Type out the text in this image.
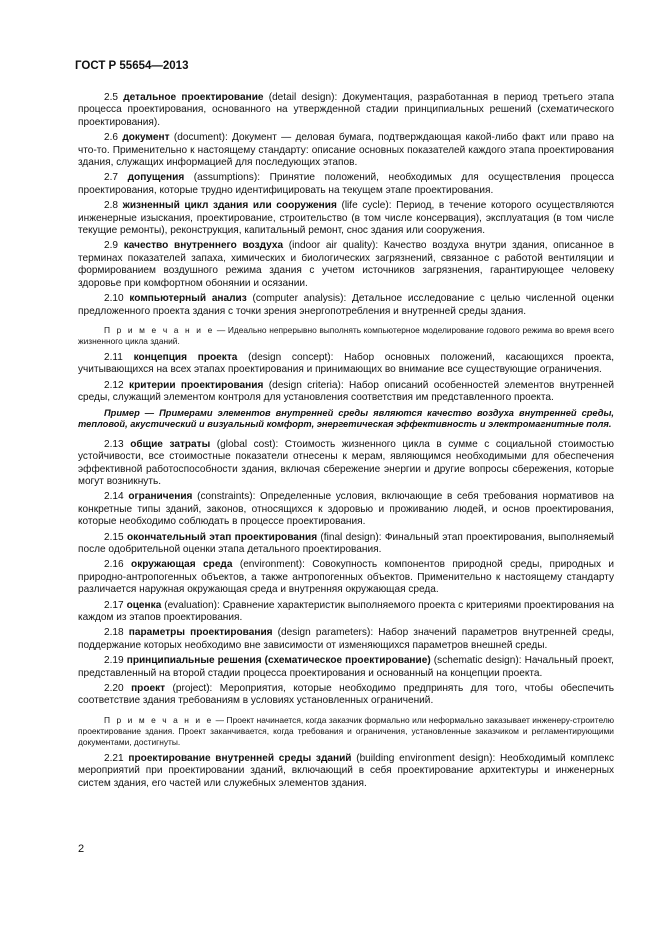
ГОСТ Р 55654—2013

2.5 детальное проектирование (detail design): Документация, разработанная в период третьего этапа процесса проектирования, основанного на утвержденной стадии принципиальных решений (схематического проектирования).

2.6 документ (document): Документ — деловая бумага, подтверждающая какой-либо факт или право на что-то. Применительно к настоящему стандарту: описание основных показателей каждого этапа проектирования здания, служащих информацией для последующих этапов.

2.7 допущения (assumptions): Принятие положений, необходимых для осуществления процесса проектирования, которые трудно идентифицировать на текущем этапе проектирования.

2.8 жизненный цикл здания или сооружения (life cycle): Период, в течение которого осуществляются инженерные изыскания, проектирование, строительство (в том числе консервация), эксплуатация (в том числе текущие ремонты), реконструкция, капитальный ремонт, снос здания или сооружения.

2.9 качество внутреннего воздуха (indoor air quality): Качество воздуха внутри здания, описанное в терминах показателей запаха, химических и биологических загрязнений, связанное с работой вентиляции и формированием воздушного режима здания с учетом источников загрязнения, гарантирующее человеку здоровье при комфортном обонянии и осязании.

2.10 компьютерный анализ (computer analysis): Детальное исследование с целью численной оценки предложенного проекта здания с точки зрения энергопотребления и внутренней среды здания.

П р и м е ч а н и е — Идеально непрерывно выполнять компьютерное моделирование годового режима во время всего жизненного цикла зданий.

2.11 концепция проекта (design concept): Набор основных положений, касающихся проекта, учитывающихся на всех этапах проектирования и принимающих во внимание все существующие ограничения.

2.12 критерии проектирования (design criteria): Набор описаний особенностей элементов внутренней среды, служащий элементом контроля для установления соответствия им представленного проекта.

Пример — Примерами элементов внутренней среды являются качество воздуха внутренней среды, тепловой, акустический и визуальный комфорт, энергетическая эффективность и электромагнитные поля.

2.13 общие затраты (global cost): Стоимость жизненного цикла в сумме с социальной стоимостью устойчивости, все стоимостные показатели отнесены к мерам, являющимся необходимыми для обеспечения эффективной работоспособности здания, включая сбережение энергии и другие вопросы сбережения, которые могут возникнуть.

2.14 ограничения (constraints): Определенные условия, включающие в себя требования нормативов на конкретные типы зданий, законов, относящихся к здоровью и проживанию людей, и основ проектирования, которые необходимо соблюдать в процессе проектирования.

2.15 окончательный этап проектирования (final design): Финальный этап проектирования, выполняемый после одобрительной оценки этапа детального проектирования.

2.16 окружающая среда (environment): Совокупность компонентов природной среды, природных и природно-антропогенных объектов, а также антропогенных объектов. Применительно к настоящему стандарту различается наружная окружающая среда и внутренняя окружающая среда.

2.17 оценка (evaluation): Сравнение характеристик выполняемого проекта с критериями проектирования на каждом из этапов проектирования.

2.18 параметры проектирования (design parameters): Набор значений параметров внутренней среды, поддержание которых необходимо вне зависимости от изменяющихся параметров внешней среды.

2.19 принципиальные решения (схематическое проектирование) (schematic design): Начальный проект, представленный на второй стадии процесса проектирования и основанный на концепции проекта.

2.20 проект (project): Мероприятия, которые необходимо предпринять для того, чтобы обеспечить соответствие здания требованиям в условиях установленных ограничений.

П р и м е ч а н и е — Проект начинается, когда заказчик формально или неформально заказывает инженеру-строителю проектирование здания. Проект заканчивается, когда требования и ограничения, установленные заказчиком и регламентирующими документами, достигнуты.

2.21 проектирование внутренней среды зданий (building environment design): Необходимый комплекс мероприятий при проектировании зданий, включающий в себя проектирование архитектуры и инженерных систем здания, его частей или служебных элементов здания.

2
